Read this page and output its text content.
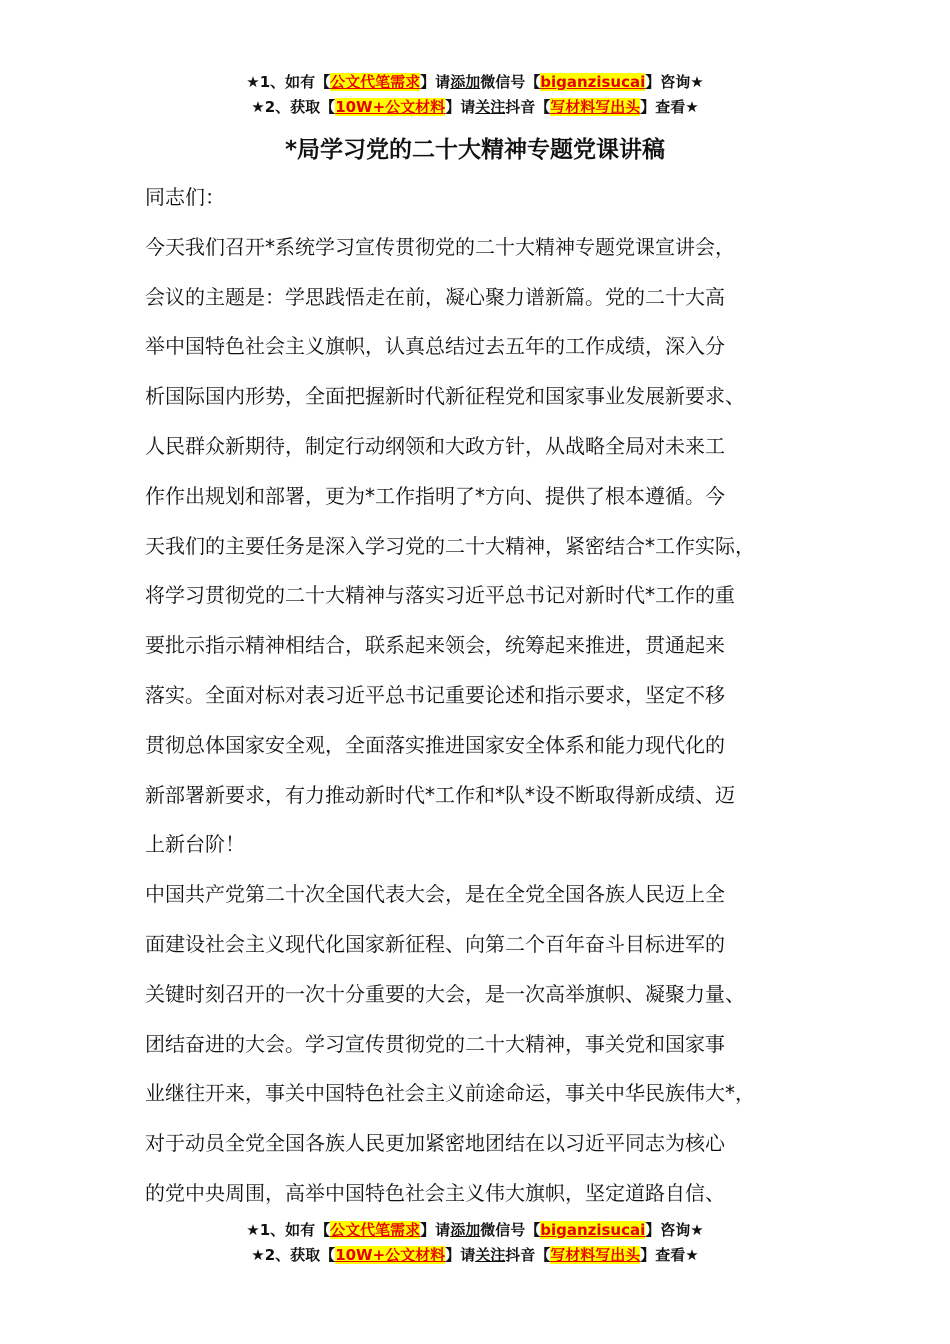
★1、如有【公文代笔需求】请添加微信号【biganzisucai】咨询★
★2、获取【10W+公文材料】请关注抖音【写材料写出头】查看★
*局学习党的二十大精神专题党课讲稿

同志们：

今天我们召开*系统学习宣传贯彻党的二十大精神专题党课宣讲会，

会议的主题是：学思践悟走在前，凝心聚力谱新篇。党的二十大高

举中国特色社会主义旗帜，认真总结过去五年的工作成绩，深入分

析国际国内形势，全面把握新时代新征程党和国家事业发展新要求、

人民群众新期待，制定行动纲领和大政方针，从战略全局对未来工

作作出规划和部署，更为*工作指明了*方向、提供了根本遵循。今

天我们的主要任务是深入学习党的二十大精神，紧密结合*工作实际，

将学习贯彻党的二十大精神与落实习近平总书记对新时代*工作的重

要批示指示精神相结合，联系起来领会，统筹起来推进，贯通起来

落实。全面对标对表习近平总书记重要论述和指示要求，坚定不移

贯彻总体国家安全观，全面落实推进国家安全体系和能力现代化的

新部署新要求，有力推动新时代*工作和*队*设不断取得新成绩、迈

上新台阶！

中国共产党第二十次全国代表大会，是在全党全国各族人民迈上全

面建设社会主义现代化国家新征程、向第二个百年奋斗目标进军的

关键时刻召开的一次十分重要的大会，是一次高举旗帜、凝聚力量、

团结奋进的大会。学习宣传贯彻党的二十大精神，事关党和国家事

业继往开来，事关中国特色社会主义前途命运，事关中华民族伟大*，

对于动员全党全国各族人民更加紧密地团结在以习近平同志为核心

的党中央周围，高举中国特色社会主义伟大旗帜，坚定道路自信、

★1、如有【公文代笔需求】请添加微信号【biganzisucai】咨询★
★2、获取【10W+公文材料】请关注抖音【写材料写出头】查看★
